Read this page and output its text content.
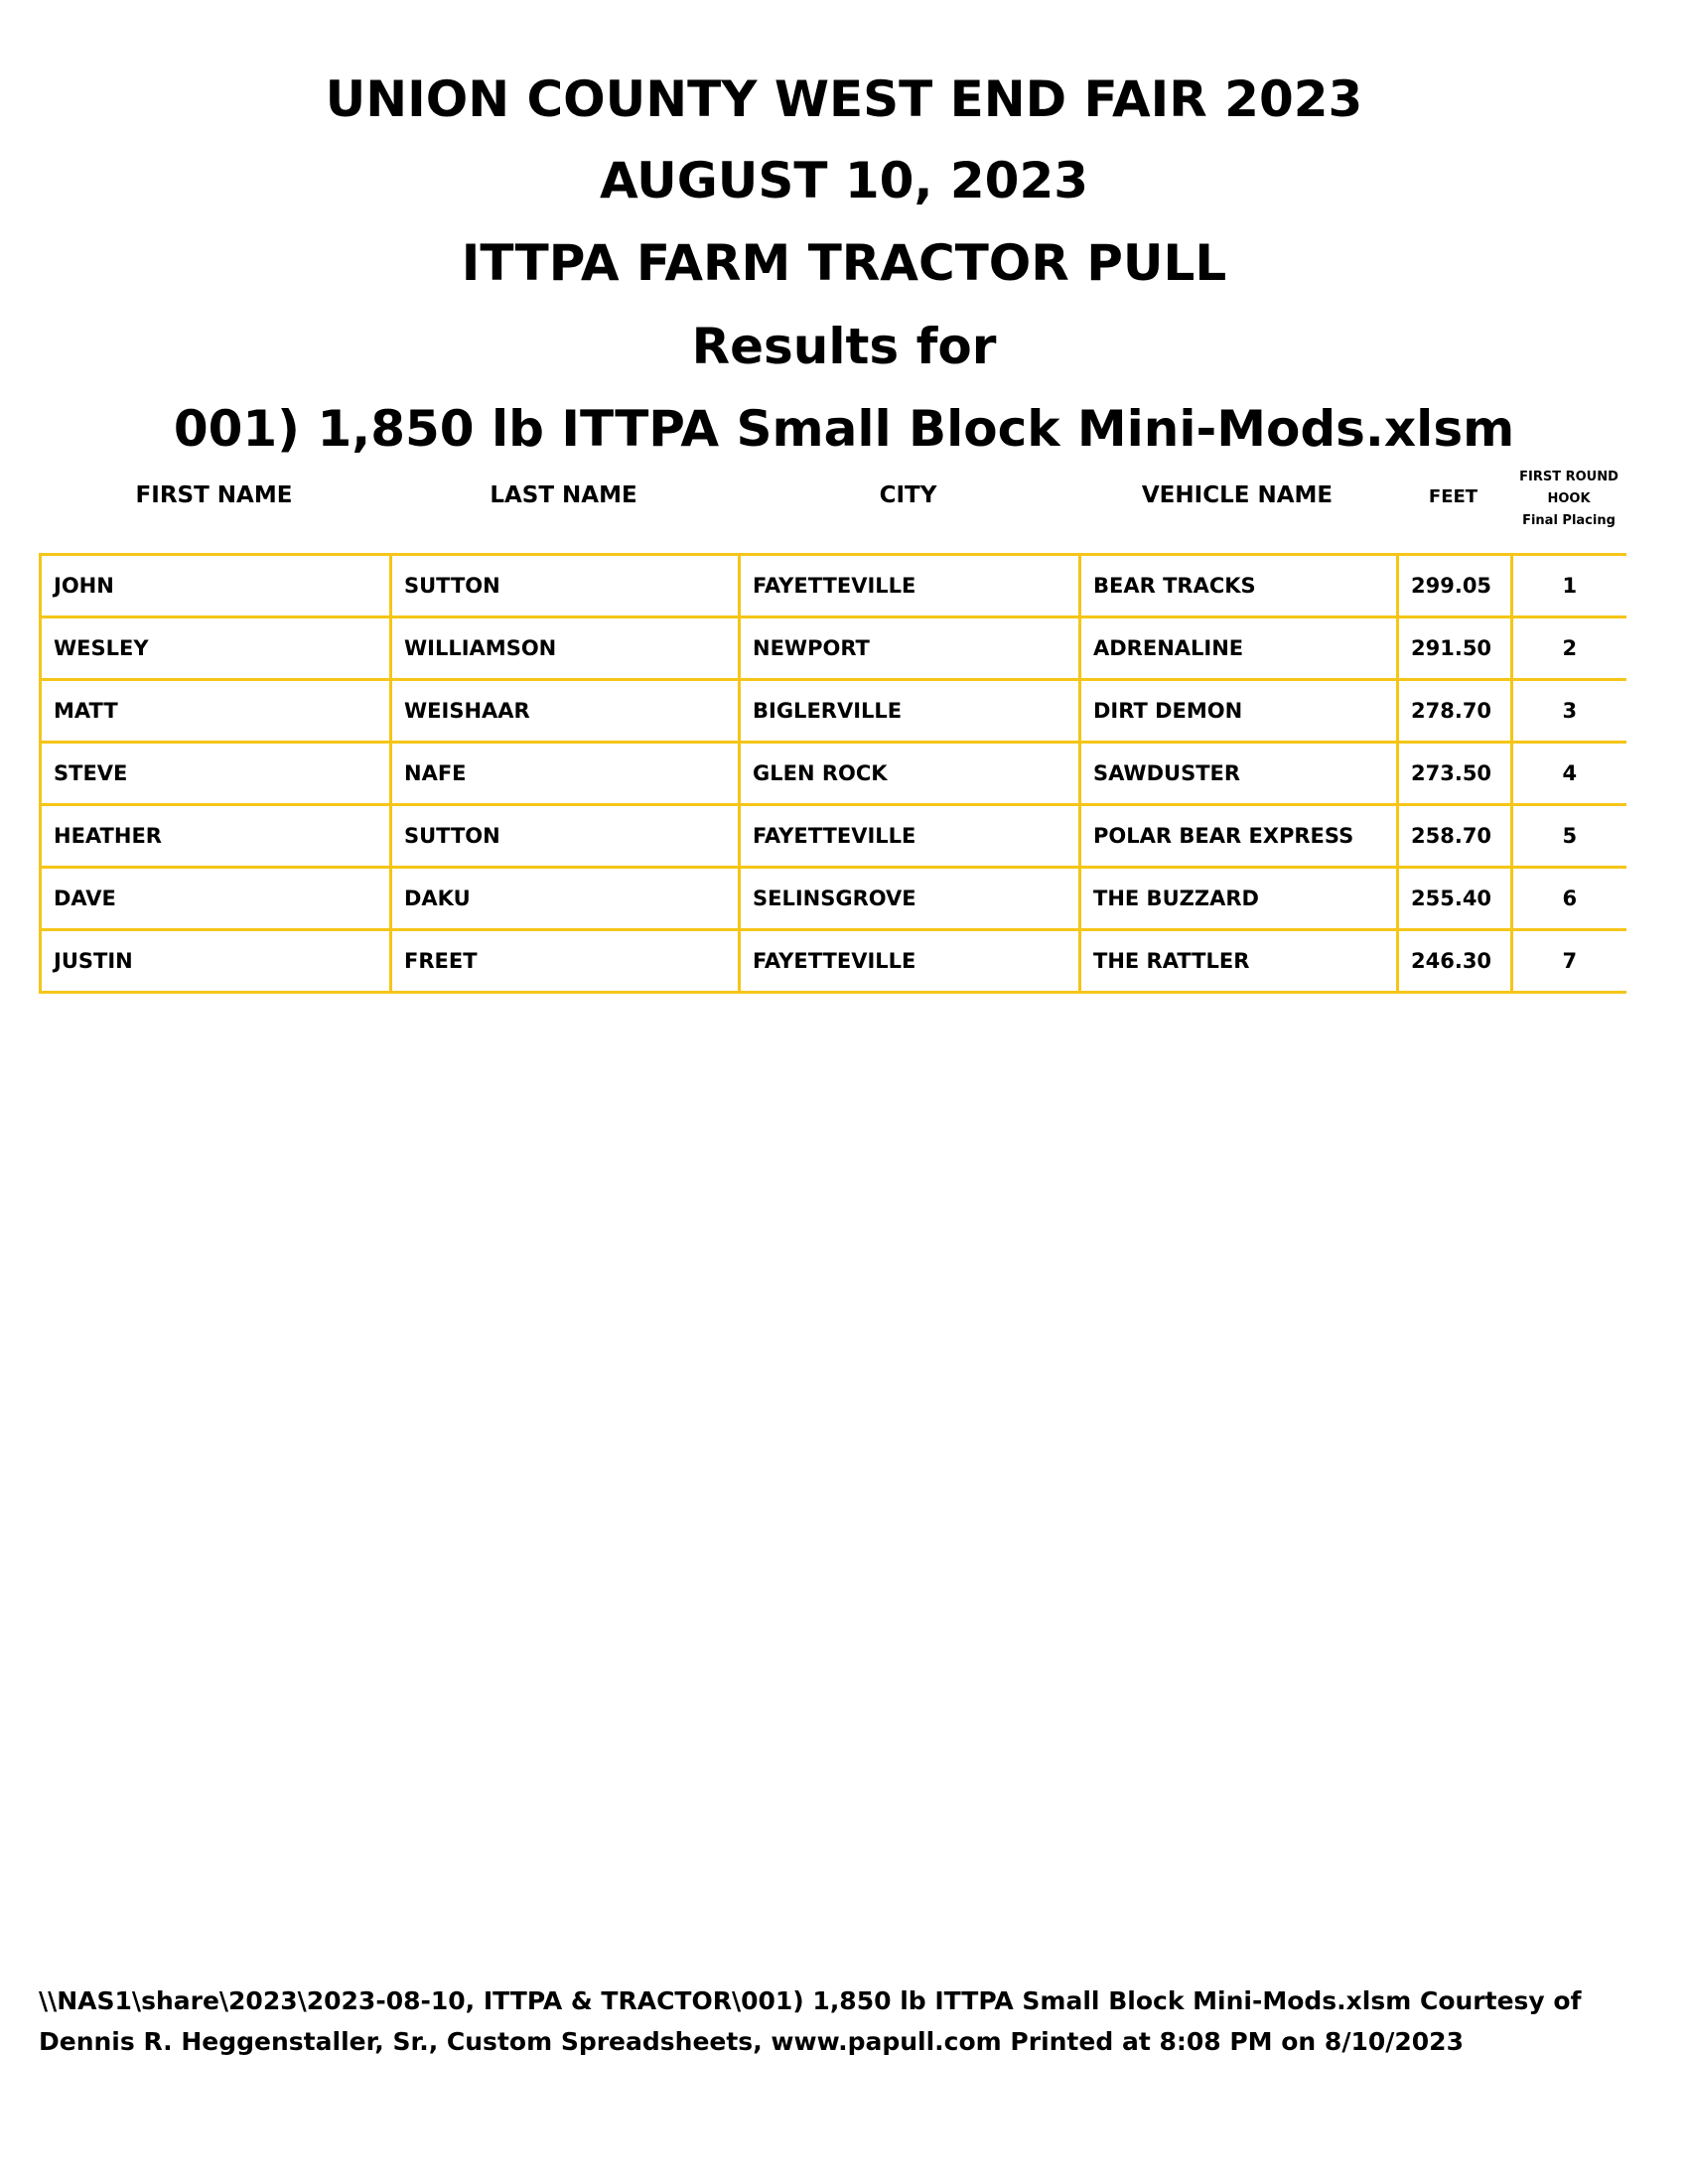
UNION COUNTY WEST END FAIR 2023
AUGUST 10, 2023
ITTPA FARM TRACTOR PULL
Results for
001) 1,850 lb ITTPA Small Block Mini-Mods.xlsm
FIRST NAME	LAST NAME	CITY	VEHICLE NAME	FEET
FIRST ROUND
HOOK
Final Placing
JOHN	SUTTON	FAYETTEVILLE	BEAR TRACKS	299.05	1
WESLEY	WILLIAMSON	NEWPORT	ADRENALINE	291.50	2
MATT	WEISHAAR	BIGLERVILLE	DIRT DEMON	278.70	3
STEVE	NAFE	GLEN ROCK	SAWDUSTER	273.50	4
HEATHER	SUTTON	FAYETTEVILLE	POLAR BEAR EXPRESS	258.70	5
DAVE	DAKU	SELINSGROVE	THE BUZZARD	255.40	6
JUSTIN	FREET	FAYETTEVILLE	THE RATTLER	246.30	7
\\NAS1\share\2023\2023-08-10, ITTPA & TRACTOR\001) 1,850 lb ITTPA Small Block Mini-Mods.xlsm Courtesy of Dennis R. Heggenstaller, Sr., Custom Spreadsheets, www.papull.com Printed at 8:08 PM on 8/10/2023
